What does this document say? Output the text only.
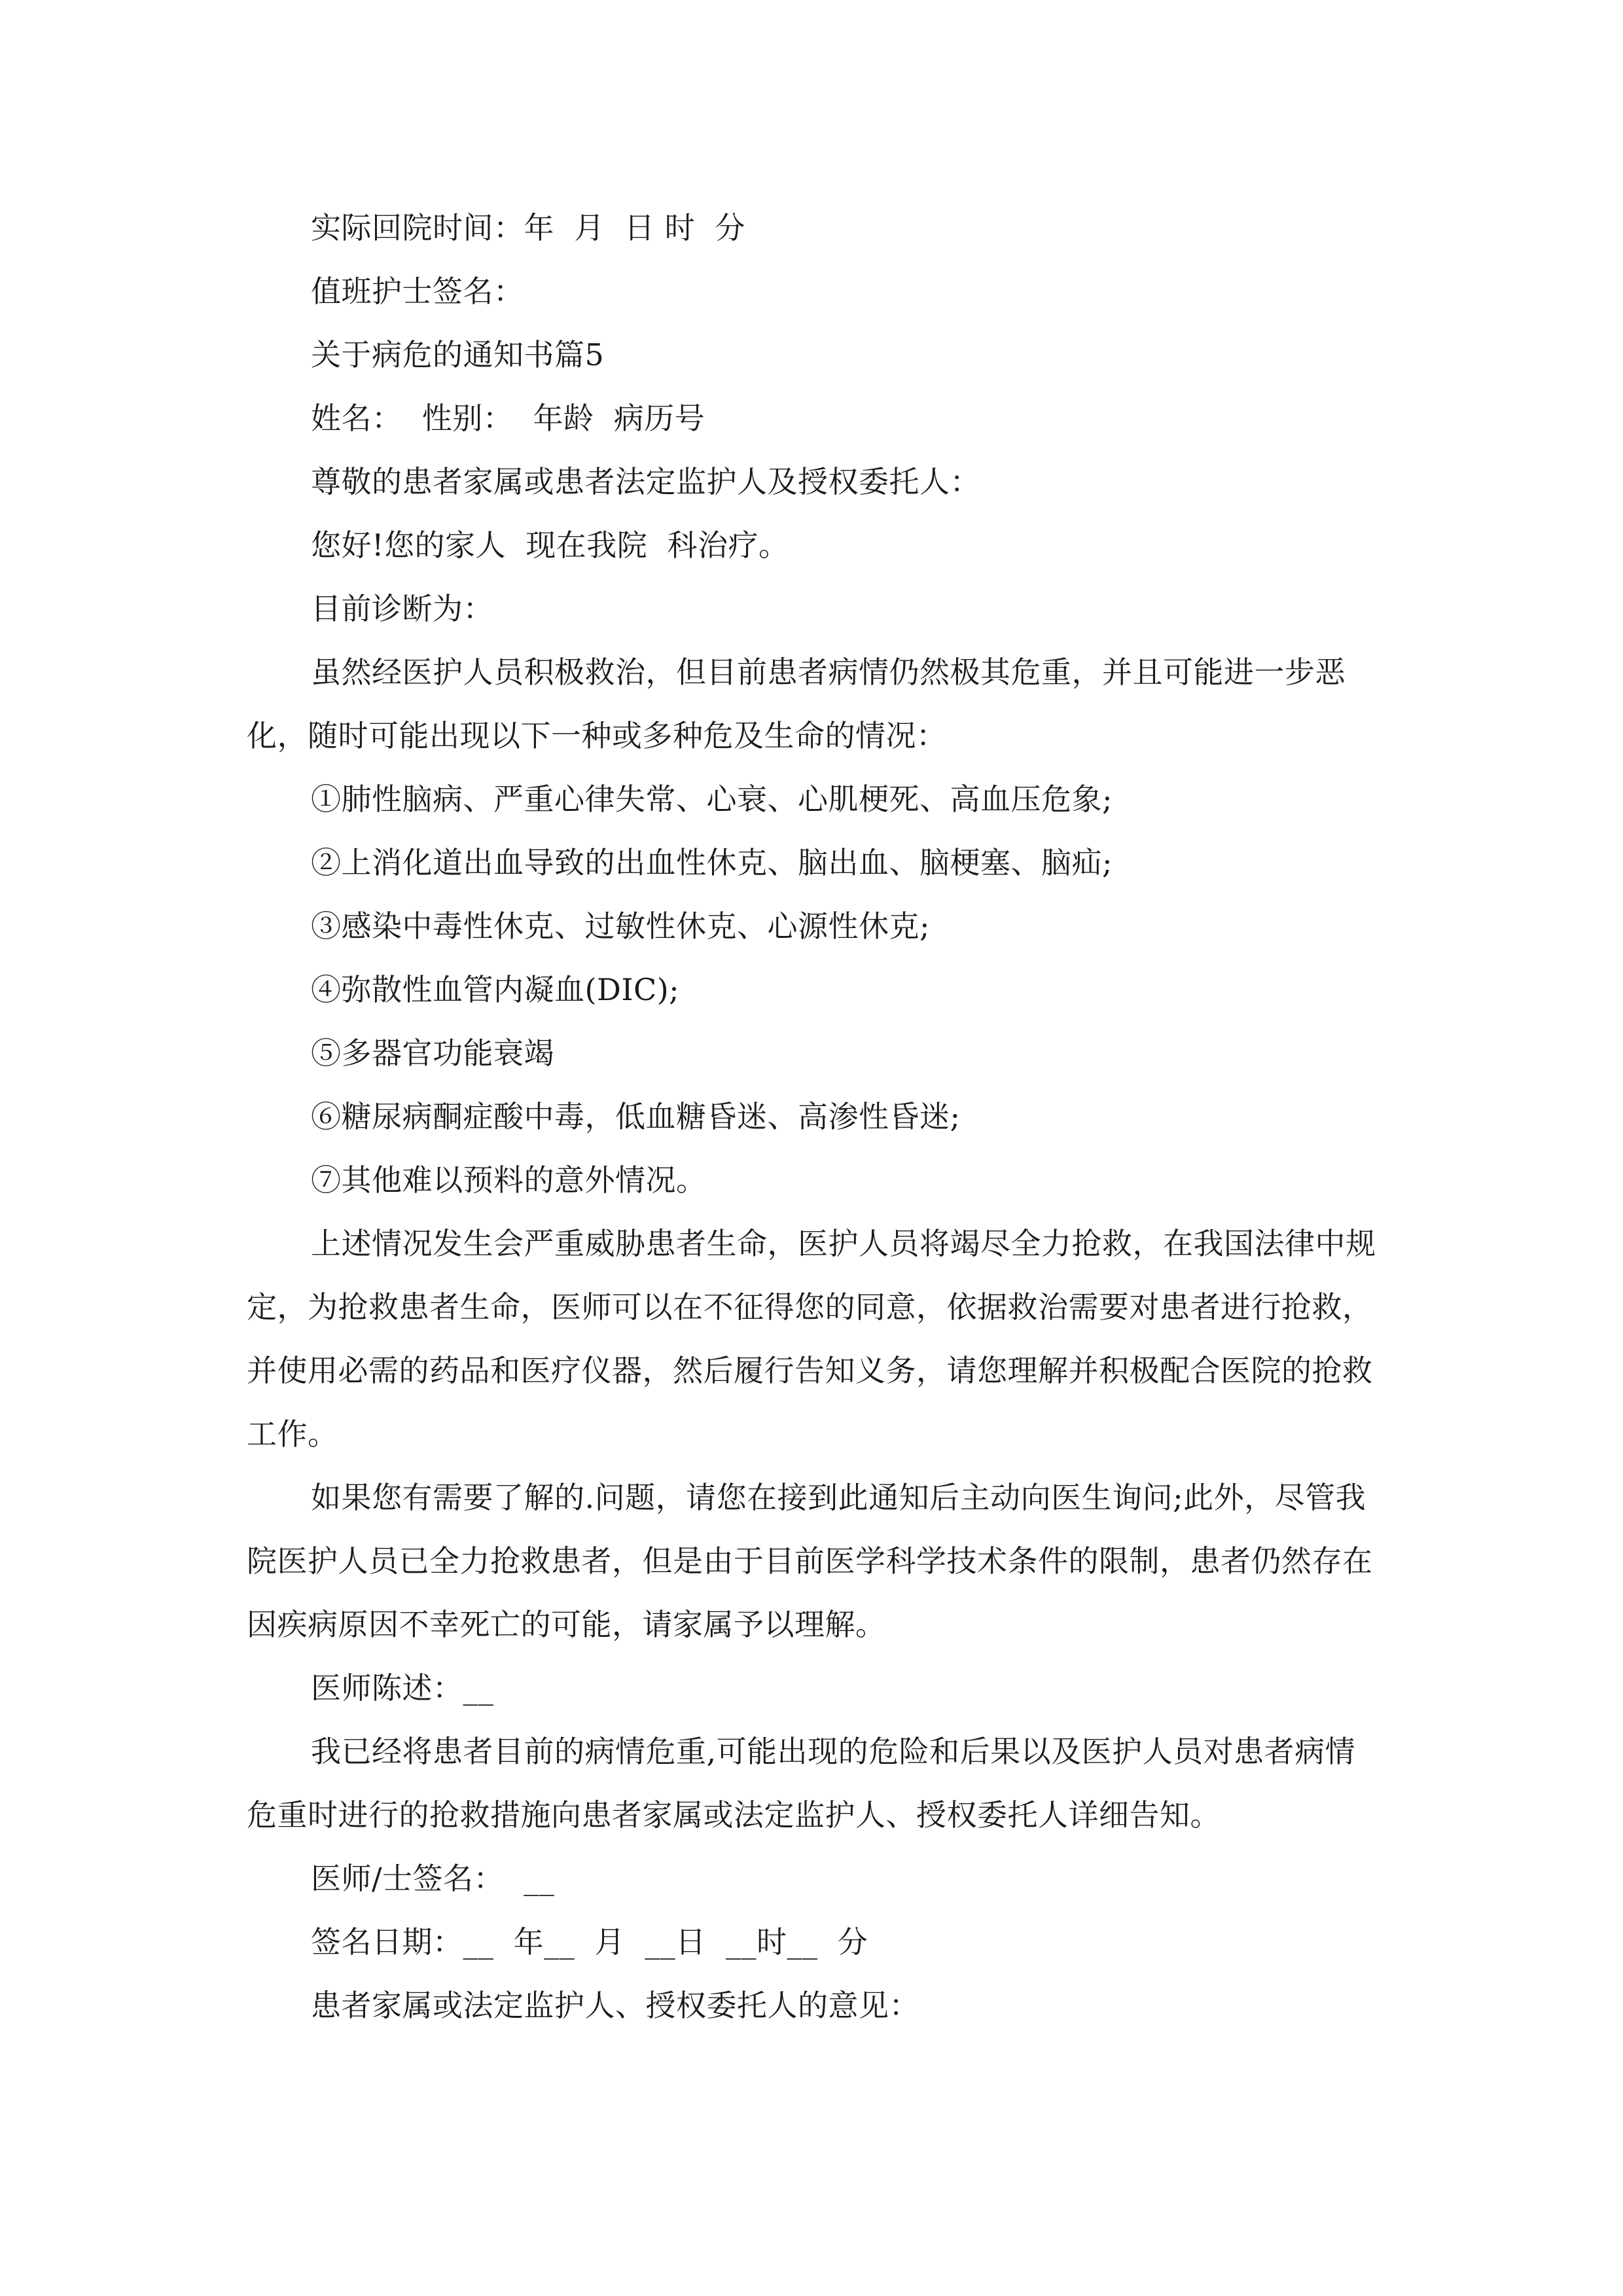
实际回院时间：年  月  日 时  分

值班护士签名：

关于病危的通知书篇5

姓名：  性别：  年龄  病历号

尊敬的患者家属或患者法定监护人及授权委托人：

您好!您的家人  现在我院  科治疗。

目前诊断为：

虽然经医护人员积极救治，但目前患者病情仍然极其危重，并且可能进一步恶化，随时可能出现以下一种或多种危及生命的情况：

①肺性脑病、严重心律失常、心衰、心肌梗死、高血压危象;

②上消化道出血导致的出血性休克、脑出血、脑梗塞、脑疝;

③感染中毒性休克、过敏性休克、心源性休克;

④弥散性血管内凝血(DIC);

⑤多器官功能衰竭

⑥糖尿病酮症酸中毒，低血糖昏迷、高渗性昏迷;

⑦其他难以预料的意外情况。

上述情况发生会严重威胁患者生命，医护人员将竭尽全力抢救，在我国法律中规定，为抢救患者生命，医师可以在不征得您的同意，依据救治需要对患者进行抢救，并使用必需的药品和医疗仪器，然后履行告知义务，请您理解并积极配合医院的抢救工作。

如果您有需要了解的.问题，请您在接到此通知后主动向医生询问;此外，尽管我院医护人员已全力抢救患者，但是由于目前医学科学技术条件的限制，患者仍然存在因疾病原因不幸死亡的可能，请家属予以理解。

医师陈述：__

我已经将患者目前的病情危重,可能出现的危险和后果以及医护人员对患者病情危重时进行的抢救措施向患者家属或法定监护人、授权委托人详细告知。

医师/士签名：  __

签名日期：__  年__  月  __日  __时__  分

患者家属或法定监护人、授权委托人的意见：
